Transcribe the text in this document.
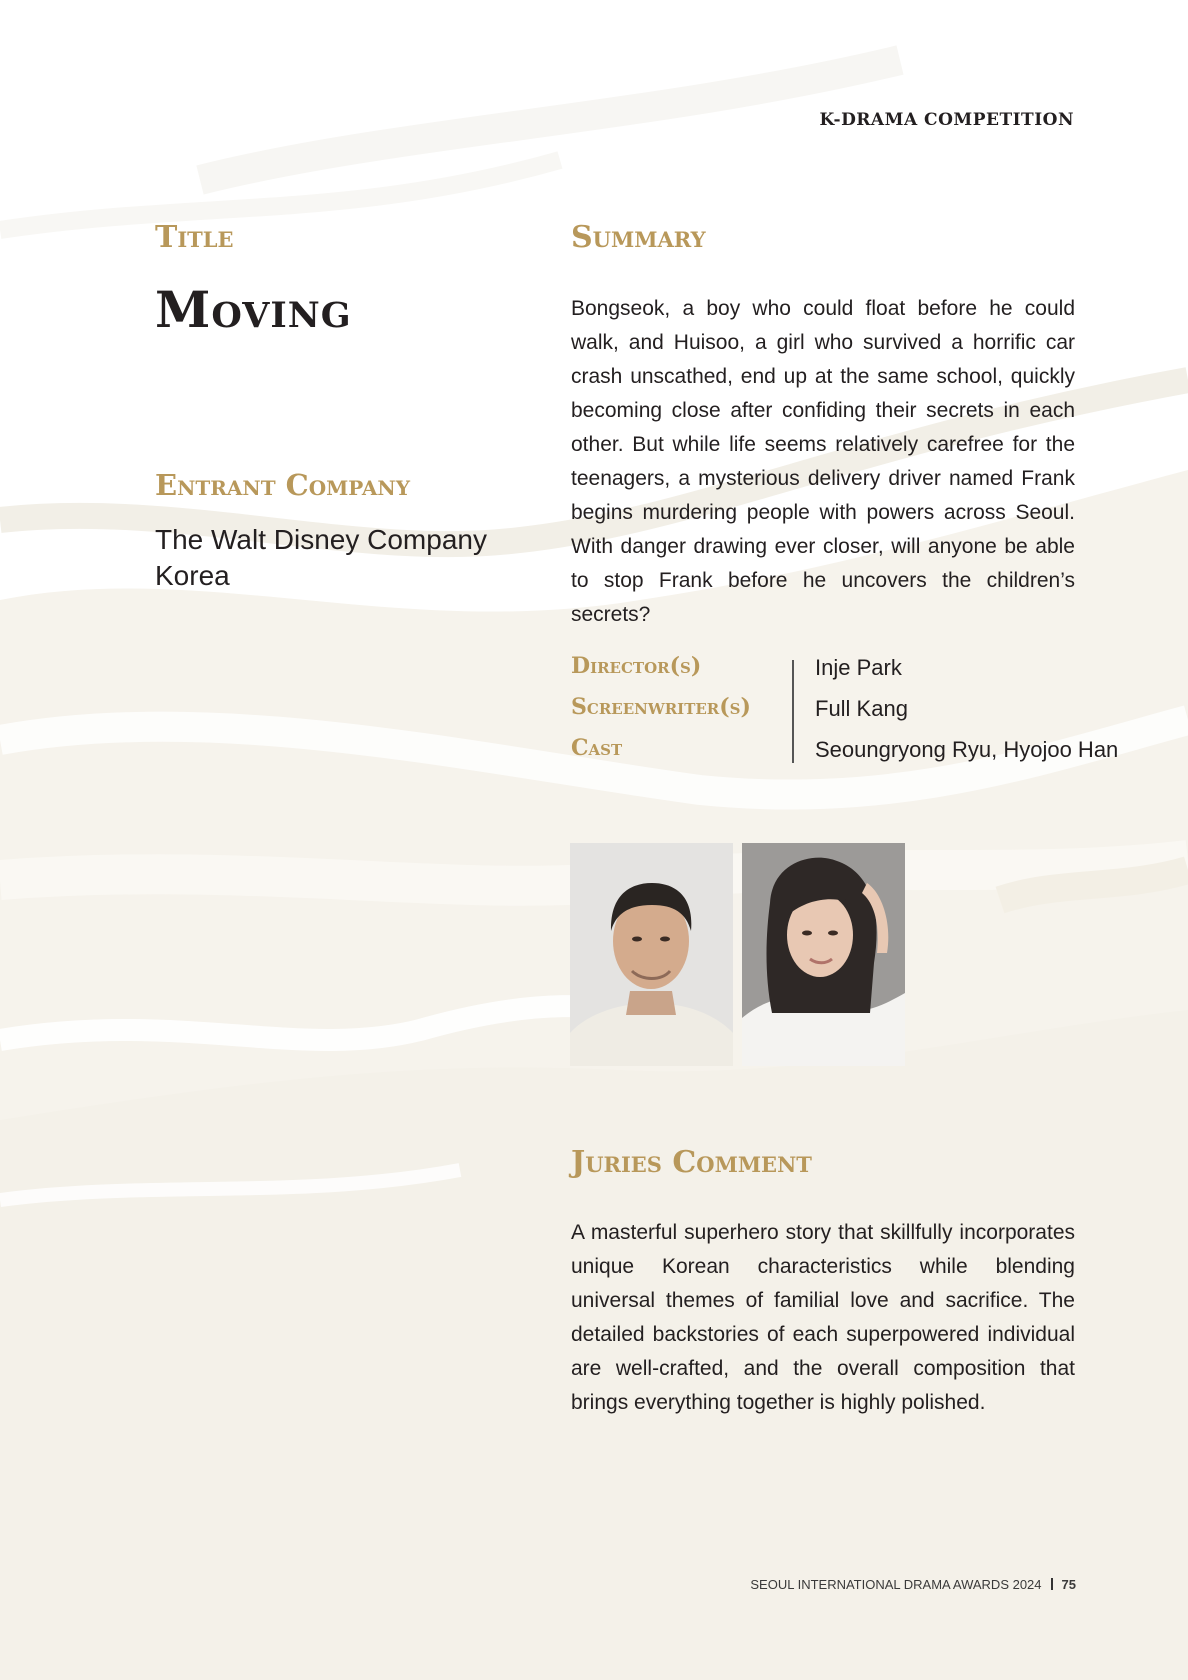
K-DRAMA COMPETITION
Title
Moving
Entrant Company
The Walt Disney Company Korea
Summary
Bongseok, a boy who could float before he could walk, and Huisoo, a girl who survived a horrific car crash unscathed, end up at the same school, quickly becoming close after confiding their secrets in each other. But while life seems relatively carefree for the teenagers, a mysterious delivery driver named Frank begins murdering people with powers across Seoul. With danger drawing ever closer, will anyone be able to stop Frank before he uncovers the children’s secrets?
Director(s)	Inje Park
Screenwriter(s)	Full Kang
Cast	Seoungryong Ryu, Hyojoo Han
Juries Comment
A masterful superhero story that skillfully incorporates unique Korean characteristics while blending universal themes of familial love and sacrifice. The detailed backstories of each superpowered individual are well-crafted, and the overall composition that brings everything together is highly polished.
SEOUL INTERNATIONAL DRAMA AWARDS 2024 75
